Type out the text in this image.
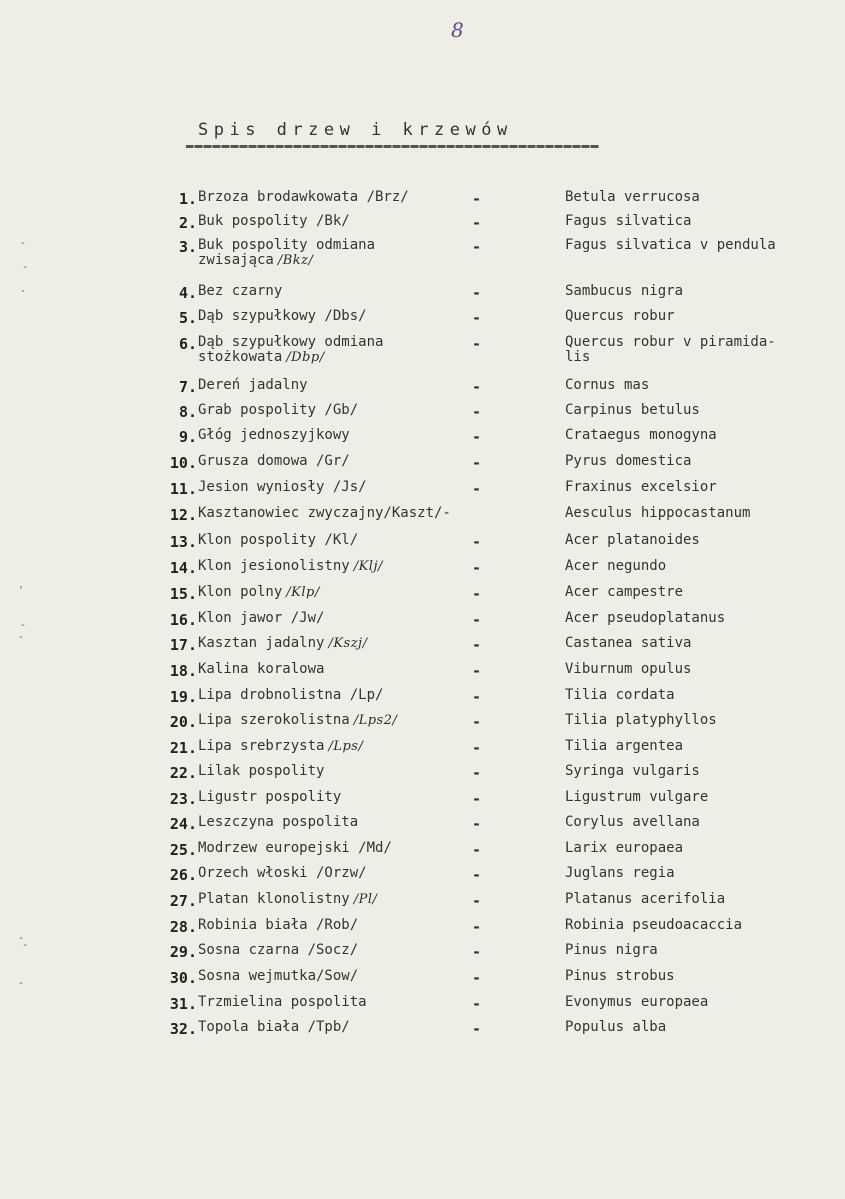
8
Spis drzew i krzewów
-
-
·
'
-
-
-
-
-
1. Brzoza brodawkowata /Brz/	-	Betula verrucosa
2. Buk pospolity /Bk/	-	Fagus silvatica
3. Buk pospolity odmiana
zwisająca /Bkz/
-	Fagus silvatica v pendula
4. Bez czarny	-	Sambucus nigra
5. Dąb szypułkowy /Dbs/	-	Quercus robur
6. Dąb szypułkowy odmiana
stożkowata /Dbp/
-	Quercus robur v piramida-
lis
7. Dereń jadalny	-	Cornus mas
8. Grab pospolity /Gb/	-	Carpinus betulus
9. Głóg jednoszyjkowy	-	Crataegus monogyna
10. Grusza domowa /Gr/	-	Pyrus domestica
11. Jesion wyniosły /Js/	-	Fraxinus excelsior
12. Kasztanowiec zwyczajny/Kaszt/-	Aesculus hippocastanum
13. Klon pospolity /Kl/	-	Acer platanoides
14. Klon jesionolistny /Klj/	-	Acer negundo
15. Klon polny /Klp/	-	Acer campestre
16. Klon jawor /Jw/	-	Acer pseudoplatanus
17. Kasztan jadalny /Kszj/	-	Castanea sativa
18. Kalina koralowa	-	Viburnum opulus
19. Lipa drobnolistna /Lp/	-	Tilia cordata
20. Lipa szerokolistna /Lps2/	-	Tilia platyphyllos
21. Lipa srebrzysta /Lps/	-	Tilia argentea
22. Lilak pospolity	-	Syringa vulgaris
23. Ligustr pospolity	-	Ligustrum vulgare
24. Leszczyna pospolita	-	Corylus avellana
25. Modrzew europejski /Md/	-	Larix europaea
26. Orzech włoski /Orzw/	-	Juglans regia
27. Platan klonolistny /Pl/	-	Platanus acerifolia
28. Robinia biała /Rob/	-	Robinia pseudoacaccia
29. Sosna czarna /Socz/	-	Pinus nigra
30. Sosna wejmutka/Sow/	-	Pinus strobus
31. Trzmielina pospolita	-	Evonymus europaea
32. Topola biała /Tpb/	-	Populus alba
